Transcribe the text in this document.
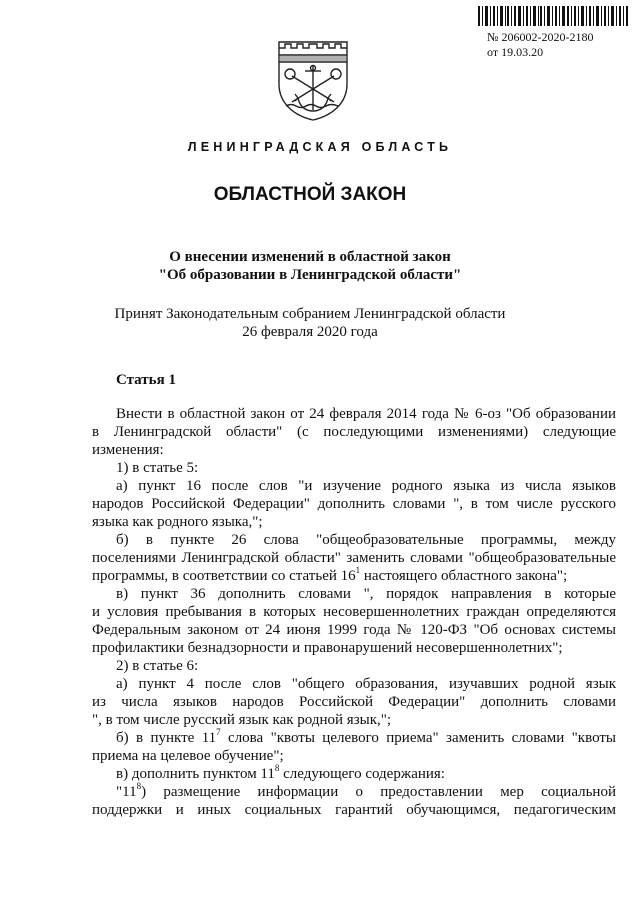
№ 206002-2020-2180
от 19.03.20
ЛЕНИНГРАДСКАЯ ОБЛАСТЬ
ОБЛАСТНОЙ ЗАКОН
О внесении изменений в областной закон
"Об образовании в Ленинградской области"
Принят Законодательным собранием Ленинградской области
26 февраля 2020 года
Статья 1
Внести в областной закон от 24 февраля 2014 года № 6-оз "Об образовании
в Ленинградской области" (с последующими изменениями) следующие
изменения:
1) в статье 5:
а) пункт 16 после слов "и изучение родного языка из числа языков
народов Российской Федерации" дополнить словами ", в том числе русского
языка как родного языка,";
б) в пункте 26 слова "общеобразовательные программы, между
поселениями Ленинградской области" заменить словами "общеобразовательные
программы, в соответствии со статьей $16^1$ настоящего областного закона";
в) пункт 36 дополнить словами ", порядок направления в которые
и условия пребывания в которых несовершеннолетних граждан определяются
Федеральным законом от 24 июня 1999 года № 120-ФЗ "Об основах системы
профилактики безнадзорности и правонарушений несовершеннолетних";
2) в статье 6:
а) пункт 4 после слов "общего образования, изучавших родной язык
из числа языков народов Российской Федерации" дополнить словами
", в том числе русский язык как родной язык,";
б) в пункте $11^7$ слова "квоты целевого приема" заменить словами "квоты
приема на целевое обучение";
в) дополнить пунктом $11^8$ следующего содержания:
"$11^8$) размещение информации о предоставлении мер социальной
поддержки и иных социальных гарантий обучающимся, педагогическим
